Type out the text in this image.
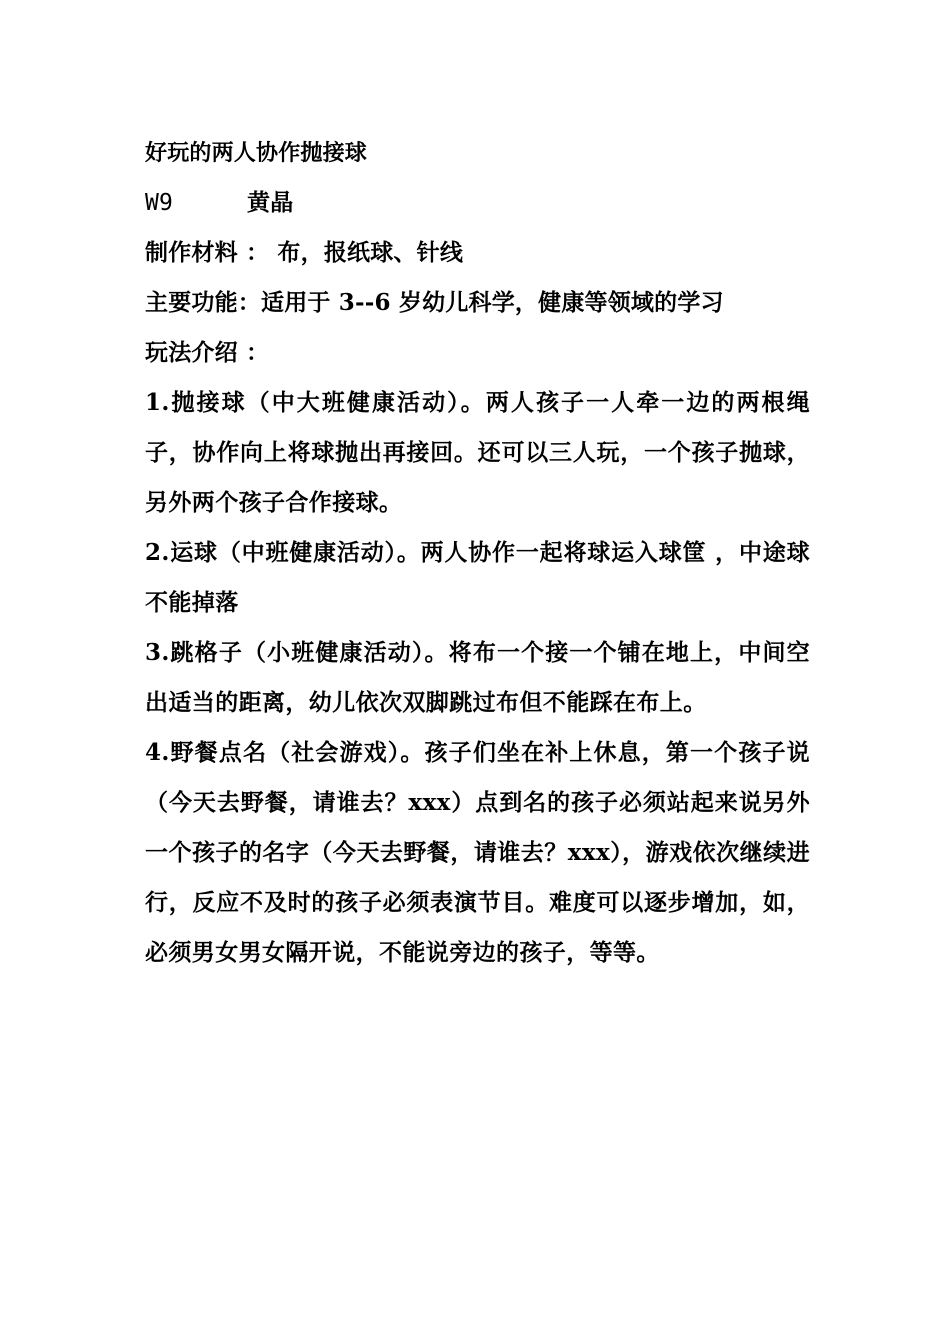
好玩的两人协作抛接球
W9	黄晶
制作材料 ： 布，报纸球、针线
主要功能：适用于 3--6 岁幼儿科学，健康等领域的学习
玩法介绍 ：
1.抛接球（中大班健康活动）。两人孩子一人牵一边的两根绳子，协作向上将球抛出再接回。还可以三人玩，一个孩子抛球，另外两个孩子合作接球。
2.运球（中班健康活动）。两人协作一起将球运入球筐 ，中途球不能掉落
3.跳格子（小班健康活动）。将布一个接一个铺在地上，中间空出适当的距离，幼儿依次双脚跳过布但不能踩在布上。
4.野餐点名（社会游戏）。孩子们坐在补上休息，第一个孩子说（今天去野餐，请谁去？xxx）点到名的孩子必须站起来说另外一个孩子的名字（今天去野餐，请谁去？xxx），游戏依次继续进行，反应不及时的孩子必须表演节目。难度可以逐步增加，如，必须男女男女隔开说，不能说旁边的孩子，等等。
